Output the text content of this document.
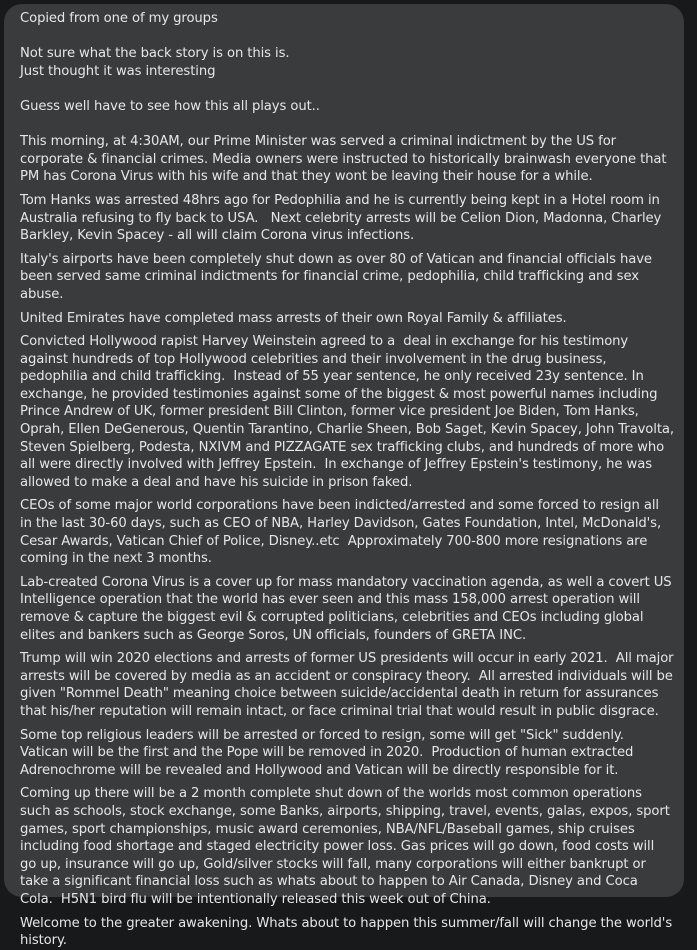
Copied from one of my groups

Not sure what the back story is on this is.
Just thought it was interesting

Guess well have to see how this all plays out..

This morning, at 4:30AM, our Prime Minister was served a criminal indictment by the US for corporate & financial crimes. Media owners were instructed to historically brainwash everyone that PM has Corona Virus with his wife and that they wont be leaving their house for a while.

Tom Hanks was arrested 48hrs ago for Pedophilia and he is currently being kept in a Hotel room in Australia refusing to fly back to USA.   Next celebrity arrests will be Celion Dion, Madonna, Charley Barkley, Kevin Spacey - all will claim Corona virus infections.

Italy's airports have been completely shut down as over 80 of Vatican and financial officials have been served same criminal indictments for financial crime, pedophilia, child trafficking and sex abuse.

United Emirates have completed mass arrests of their own Royal Family & affiliates.

Convicted Hollywood rapist Harvey Weinstein agreed to a  deal in exchange for his testimony against hundreds of top Hollywood celebrities and their involvement in the drug business, pedophilia and child trafficking.  Instead of 55 year sentence, he only received 23y sentence. In exchange, he provided testimonies against some of the biggest & most powerful names including Prince Andrew of UK, former president Bill Clinton, former vice president Joe Biden, Tom Hanks, Oprah, Ellen DeGenerous, Quentin Tarantino, Charlie Sheen, Bob Saget, Kevin Spacey, John Travolta, Steven Spielberg, Podesta, NXIVM and PIZZAGATE sex trafficking clubs, and hundreds of more who all were directly involved with Jeffrey Epstein.  In exchange of Jeffrey Epstein's testimony, he was allowed to make a deal and have his suicide in prison faked.

CEOs of some major world corporations have been indicted/arrested and some forced to resign all in the last 30-60 days, such as CEO of NBA, Harley Davidson, Gates Foundation, Intel, McDonald's, Cesar Awards, Vatican Chief of Police, Disney..etc  Approximately 700-800 more resignations are coming in the next 3 months.

Lab-created Corona Virus is a cover up for mass mandatory vaccination agenda, as well a covert US Intelligence operation that the world has ever seen and this mass 158,000 arrest operation will remove & capture the biggest evil & corrupted politicians, celebrities and CEOs including global elites and bankers such as George Soros, UN officials, founders of GRETA INC.

Trump will win 2020 elections and arrests of former US presidents will occur in early 2021.  All major arrests will be covered by media as an accident or conspiracy theory.  All arrested individuals will be given "Rommel Death" meaning choice between suicide/accidental death in return for assurances that his/her reputation will remain intact, or face criminal trial that would result in public disgrace.

Some top religious leaders will be arrested or forced to resign, some will get "Sick" suddenly.  Vatican will be the first and the Pope will be removed in 2020.  Production of human extracted Adrenochrome will be revealed and Hollywood and Vatican will be directly responsible for it.

Coming up there will be a 2 month complete shut down of the worlds most common operations such as schools, stock exchange, some Banks, airports, shipping, travel, events, galas, expos, sport games, sport championships, music award ceremonies, NBA/NFL/Baseball games, ship cruises including food shortage and staged electricity power loss. Gas prices will go down, food costs will go up, insurance will go up, Gold/silver stocks will fall, many corporations will either bankrupt or take a significant financial loss such as whats about to happen to Air Canada, Disney and Coca Cola.  H5N1 bird flu will be intentionally released this week out of China.

Welcome to the greater awakening. Whats about to happen this summer/fall will change the world's history.
